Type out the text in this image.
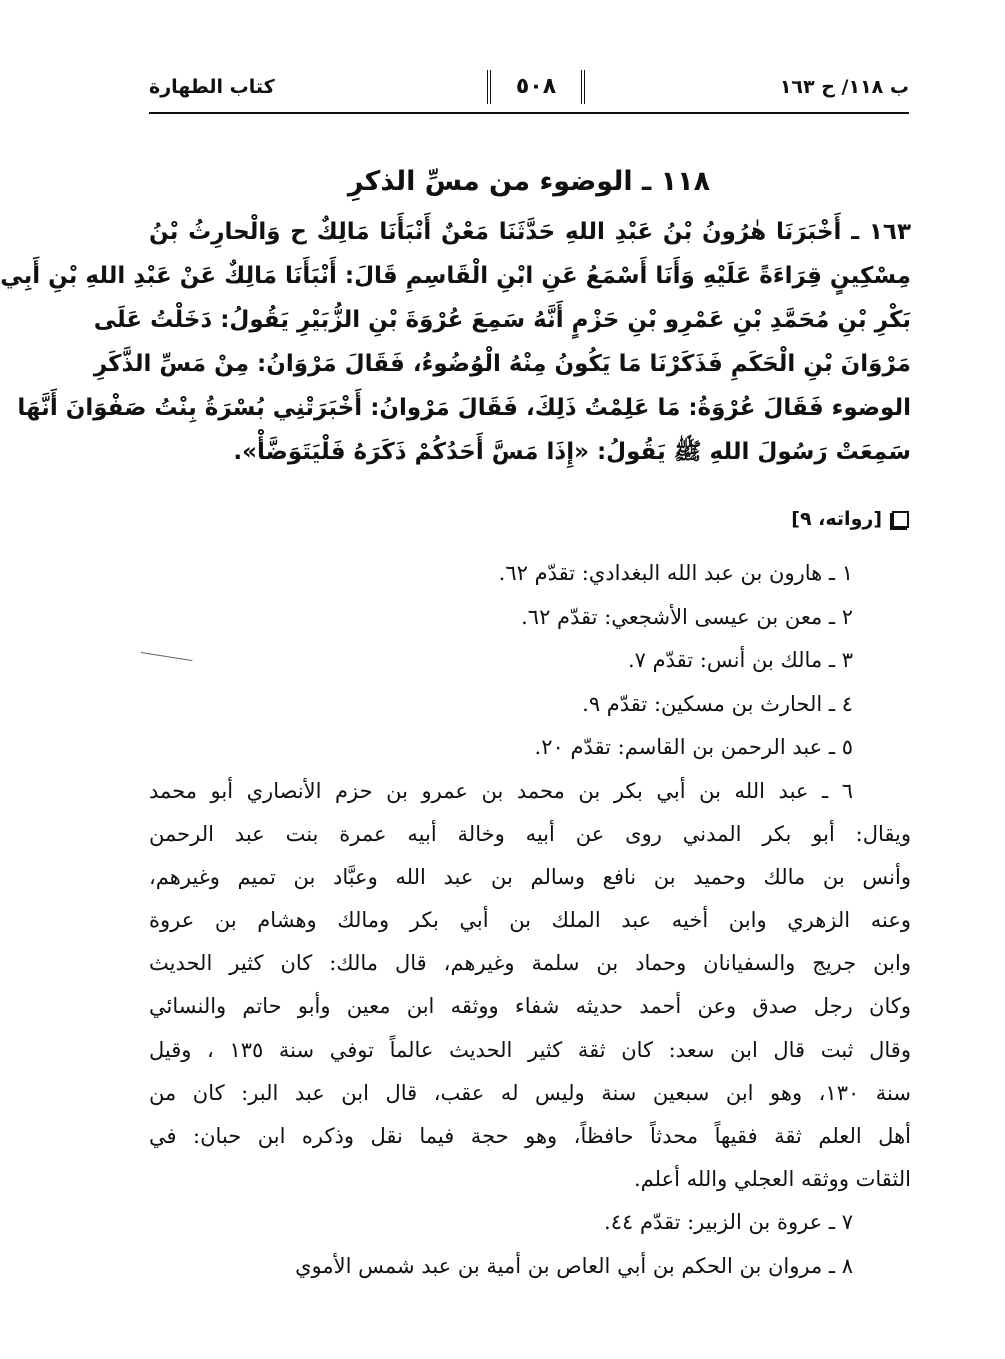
ب ١١٨/ ح ١٦٣
٥٠٨
كتاب الطهارة
١١٨ ـ الوضوء من مسِّ الذكرِ
١٦٣ ـ أَخْبَرَنَا هٰرُونُ بْنُ عَبْدِ اللهِ حَدَّثَنَا مَعْنٌ أَنْبَأَنَا مَالِكٌ ح وَالْحارِثُ بْنُ
مِسْكِينٍ قِرَاءَةً عَلَيْهِ وَأَنَا أَسْمَعُ عَنِ ابْنِ الْقَاسِمِ قَالَ: أَنْبَأَنَا مَالِكٌ عَنْ عَبْدِ اللهِ بْنِ أَبِي
بَكْرِ بْنِ مُحَمَّدِ بْنِ عَمْرِو بْنِ حَزْمٍ أَنَّهُ سَمِعَ عُرْوَةَ بْنِ الزُّبَيْرِ يَقُولُ: دَخَلْتُ عَلَى
مَرْوَانَ بْنِ الْحَكَمِ فَذَكَرْنَا مَا يَكُونُ مِنْهُ الْوُضُوءُ، فَقَالَ مَرْوَانُ: مِنْ مَسِّ الذَّكَرِ
الوضوء فَقَالَ عُرْوَةُ: مَا عَلِمْتُ ذَلِكَ، فَقَالَ مَرْوانُ: أَخْبَرَتْنِي بُسْرَةُ بِنْتُ صَفْوَانَ أَنَّهَا
سَمِعَتْ رَسُولَ اللهِ ﷺ يَقُولُ: «إِذَا مَسَّ أَحَدُكُمْ ذَكَرَهُ فَلْيَتَوَضَّأْ».
[رواته، ٩]
١ ـ هارون بن عبد الله البغدادي: تقدّم ٦٢.
٢ ـ معن بن عيسى الأشجعي: تقدّم ٦٢.
٣ ـ مالك بن أنس: تقدّم ٧.
٤ ـ الحارث بن مسكين: تقدّم ٩.
٥ ـ عبد الرحمن بن القاسم: تقدّم ٢٠.
٦ ـ عبد الله بن أبي بكر بن محمد بن عمرو بن حزم الأنصاري أبو محمد
ويقال: أبو بكر المدني روى عن أبيه وخالة أبيه عمرة بنت عبد الرحمن
وأنس بن مالك وحميد بن نافع وسالم بن عبد الله وعبَّاد بن تميم وغيرهم،
وعنه الزهري وابن أخيه عبد الملك بن أبي بكر ومالك وهشام بن عروة
وابن جريج والسفيانان وحماد بن سلمة وغيرهم، قال مالك: كان كثير الحديث
وكان رجل صدق وعن أحمد حديثه شفاء ووثقه ابن معين وأبو حاتم والنسائي
وقال ثبت قال ابن سعد: كان ثقة كثير الحديث عالماً توفي سنة ١٣٥ ، وقيل
سنة ١٣٠، وهو ابن سبعين سنة وليس له عقب، قال ابن عبد البر: كان من
أهل العلم ثقة فقيهاً محدثاً حافظاً، وهو حجة فيما نقل وذكره ابن حبان: في
الثقات ووثقه العجلي والله أعلم.
٧ ـ عروة بن الزبير: تقدّم ٤٤.
٨ ـ مروان بن الحكم بن أبي العاص بن أمية بن عبد شمس الأموي
